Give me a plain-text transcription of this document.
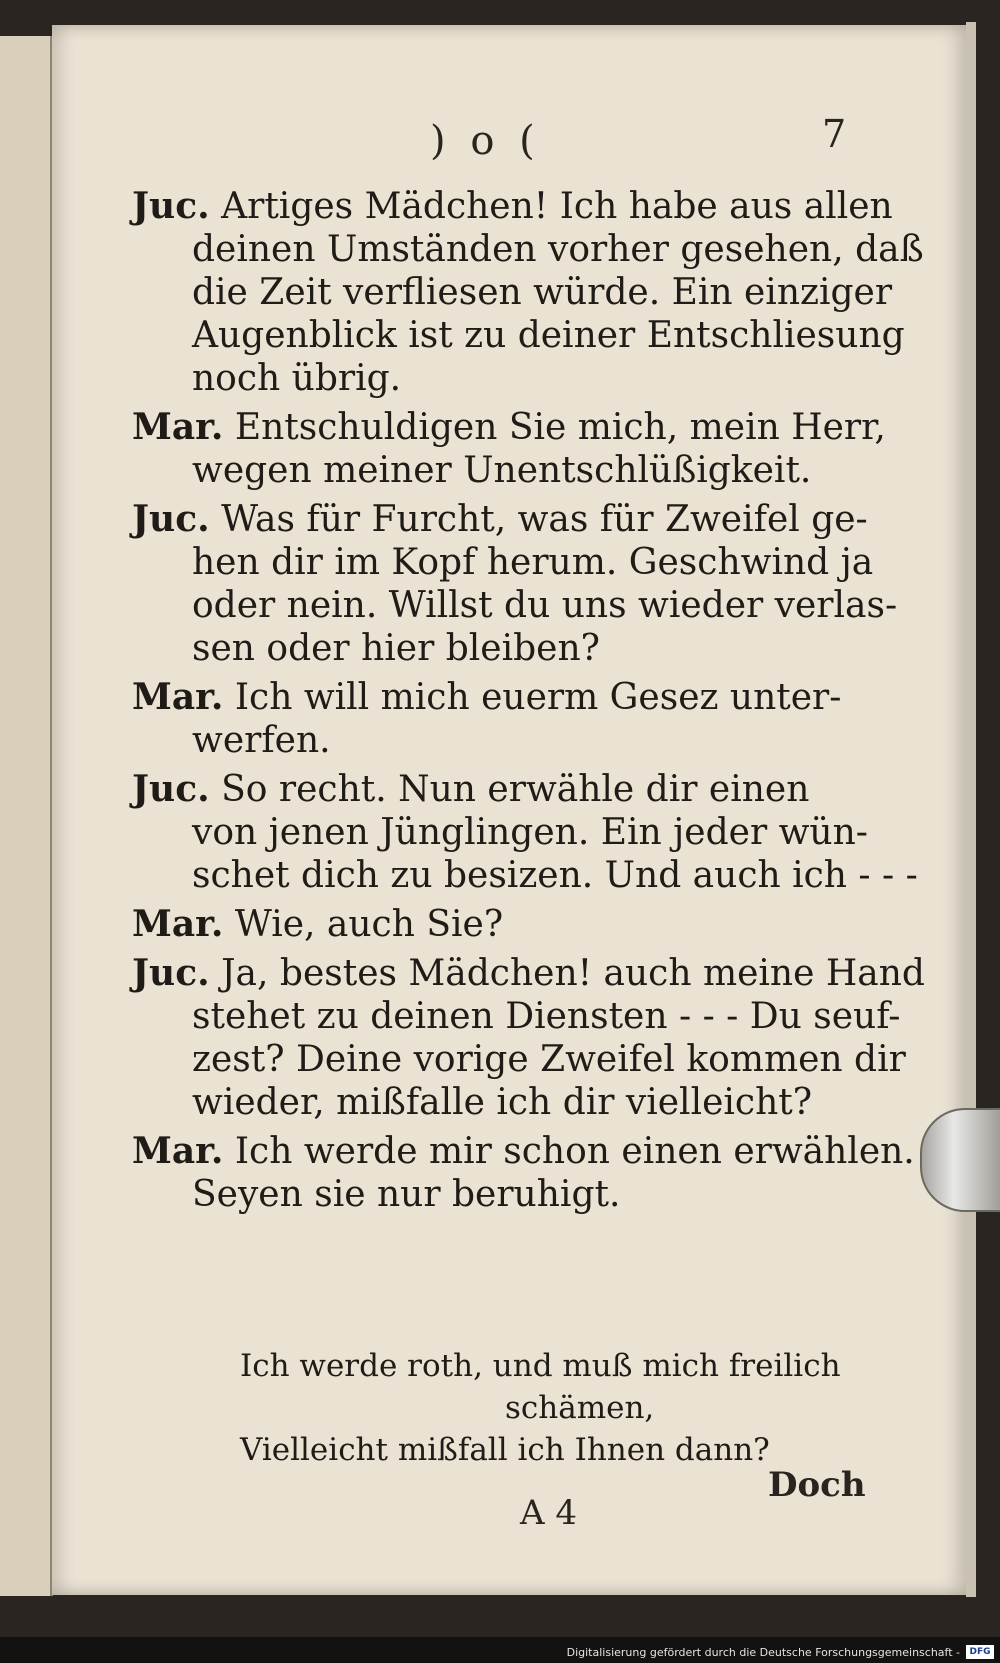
) o (	7
Juc. Artiges Mädchen! Ich habe aus allen
deinen Umständen vorher gesehen, daß
die Zeit verfliesen würde. Ein einziger
Augenblick ist zu deiner Entschliesung
noch übrig.
Mar. Entschuldigen Sie mich, mein Herr,
wegen meiner Unentschlüßigkeit.
Juc. Was für Furcht, was für Zweifel ge-
hen dir im Kopf herum. Geschwind ja
oder nein. Willst du uns wieder verlas-
sen oder hier bleiben?
Mar. Ich will mich euerm Gesez unter-
werfen.
Juc. So recht. Nun erwähle dir einen
von jenen Jünglingen. Ein jeder wün-
schet dich zu besizen. Und auch ich - - -
Mar. Wie, auch Sie?
Juc. Ja, bestes Mädchen! auch meine Hand
stehet zu deinen Diensten - - - Du seuf-
zest? Deine vorige Zweifel kommen dir
wieder, mißfalle ich dir vielleicht?
Mar. Ich werde mir schon einen erwählen.
Seyen sie nur beruhigt.
Ich werde roth, und muß mich freilich
schämen,
Vielleicht mißfall ich Ihnen dann?
A 4
Doch
Digitalisierung gefördert durch die Deutsche Forschungsgemeinschaft -	DFG
